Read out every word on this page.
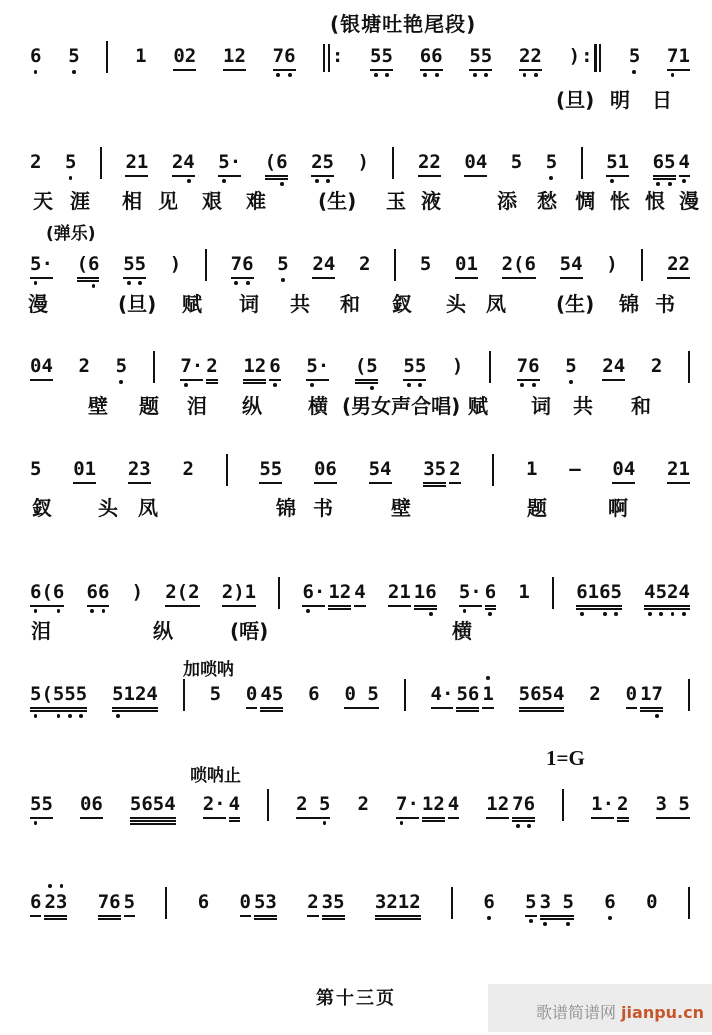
(银塘吐艳尾段)
6 5	1 02 12 76 : 55 66 55 22 ) : 5 71
(旦) 明 日
2 5	21 24 5· (6 25 )	22 04 5 5	51 65 4
天 涯 相 见 艰 难	(生) 玉 液	添 愁 惆 怅 恨 漫
5· (6 55 )	76 5 24 2	5 01 2(6 54 )	22
漫	(旦) 赋 词 共 和 釵 头 凤	(生) 锦 书
04 2 5	7· 2 12 6 5· (5 55 )	76 5 24 2
壁 题 泪 纵 横 (男女声合唱) 赋 词 共 和
5 01 23 2	55 06 54 35 2	1 – 04 21
釵 头 凤	锦 书	壁	题	啊
6(6 66 ) 2(2 2)1 6· 12 4 21 16 5· 6 1 6165 4524
泪	纵	(唔)	横
5(555 5124	5 0 45 6 0 5	4· 56 1 5654 2 0 17
55 06 5654 2· 4	2 5 2 7· 12 4 12 76	1· 2 3 5
6 23 76 5	6 0 53 2 35 3212	6 5 3 5 6 0
(弹乐)
加唢呐
唢呐止
1=G
第十三页
歌谱简谱网 jianpu.cn
